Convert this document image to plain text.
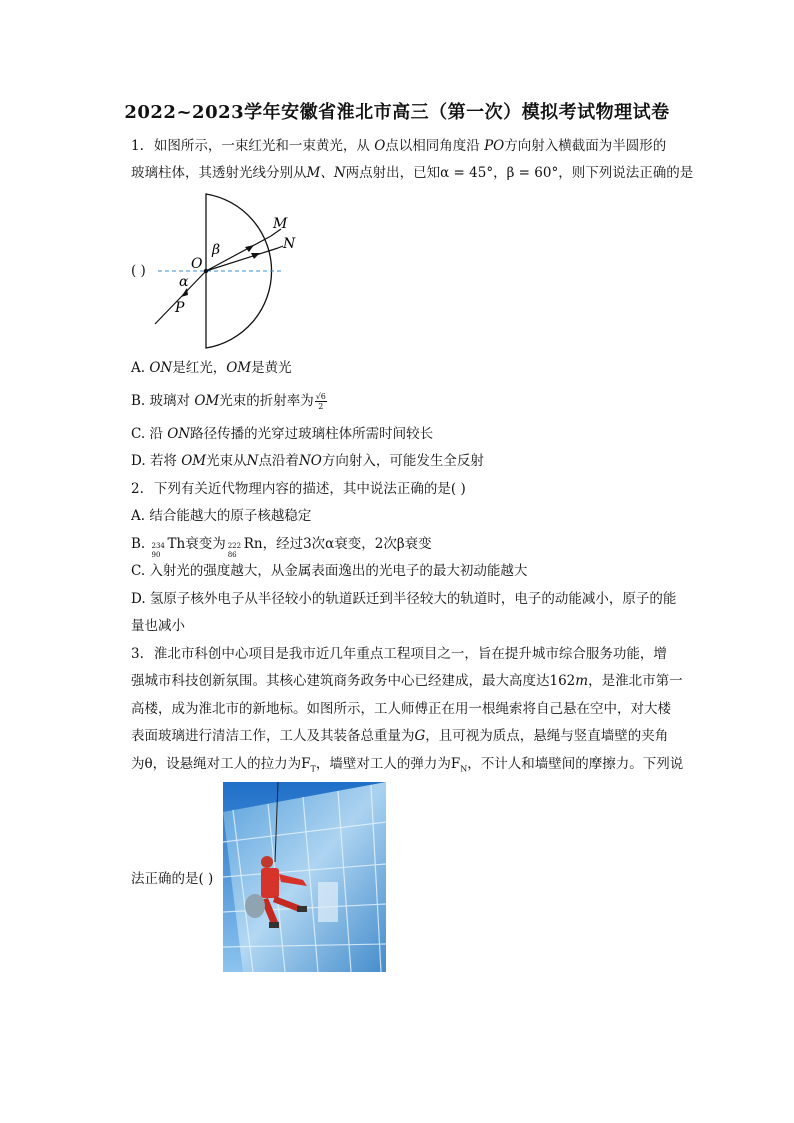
2022~2023学年安徽省淮北市高三（第一次）模拟考试物理试卷
1. 如图所示，一束红光和一束黄光，从 O点以相同角度沿 PO方向射入横截面为半圆形的
玻璃柱体，其透射光线分别从M、N两点射出，已知α = 45°，β = 60°，则下列说法正确的是
( )
M
N
O
β
α
P
A. ON是红光，OM是黄光
B. 玻璃对 OM光束的折射率为 $\frac{√6}{2}$
C. 沿 ON路径传播的光穿过玻璃柱体所需时间较长
D. 若将 OM光束从N点沿着NO方向射入，可能发生全反射
2. 下列有关近代物理内容的描述，其中说法正确的是( )
A. 结合能越大的原子核越稳定
B. 234
90
Th衰变为 222
86
Rn，经过3次α衰变，2次β衰变
C. 入射光的强度越大，从金属表面逸出的光电子的最大初动能越大
D. 氢原子核外电子从半径较小的轨道跃迁到半径较大的轨道时，电子的动能减小，原子的能
量也减小
3. 淮北市科创中心项目是我市近几年重点工程项目之一，旨在提升城市综合服务功能，增
强城市科技创新氛围。其核心建筑商务政务中心已经建成，最大高度达162m，是淮北市第一
高楼，成为淮北市的新地标。如图所示，工人师傅正在用一根绳索将自己悬在空中，对大楼
表面玻璃进行清洁工作，工人及其装备总重量为G，且可视为质点，悬绳与竖直墙壁的夹角
为θ，设悬绳对工人的拉力为$F_T$，墙壁对工人的弹力为$F_N$，不计人和墙壁间的摩擦力。下列说
法正确的是( )
